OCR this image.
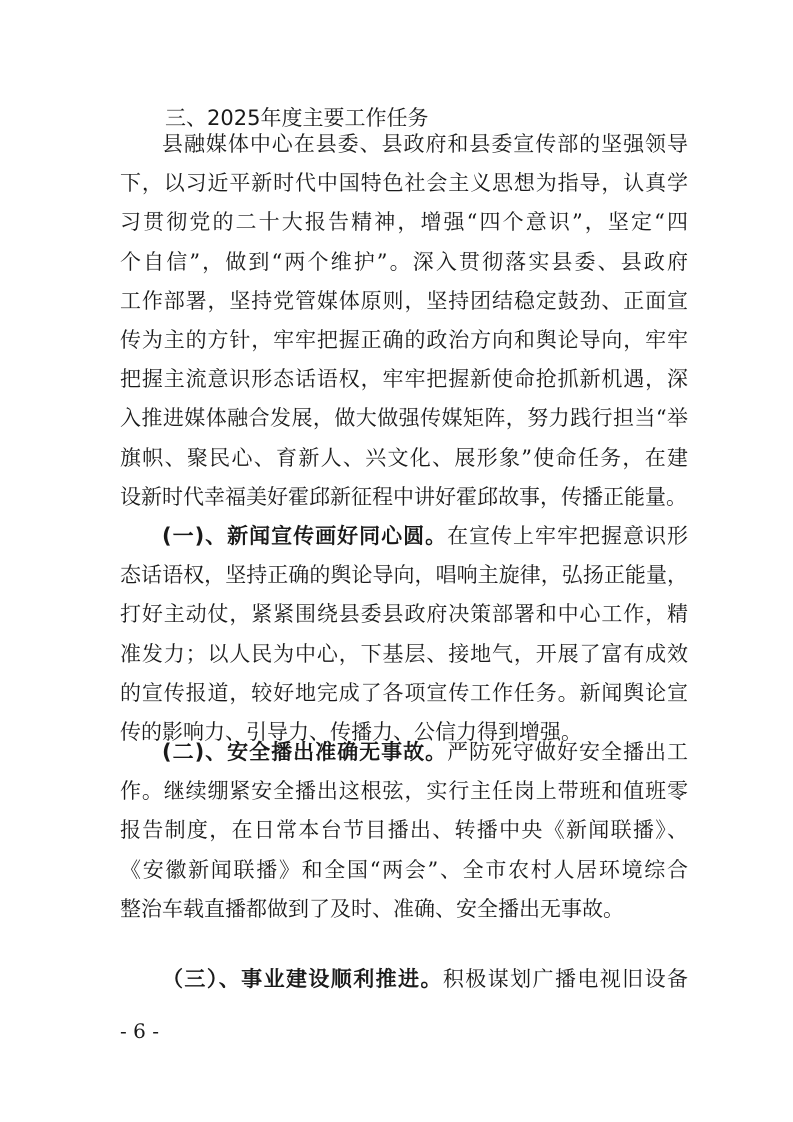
三、2025年度主要工作任务
县融媒体中心在县委、县政府和县委宣传部的坚强领导
下，以习近平新时代中国特色社会主义思想为指导，认真学
习贯彻党的二十大报告精神，增强“四个意识”，坚定“四
个自信”，做到“两个维护”。深入贯彻落实县委、县政府
工作部署，坚持党管媒体原则，坚持团结稳定鼓劲、正面宣
传为主的方针，牢牢把握正确的政治方向和舆论导向，牢牢
把握主流意识形态话语权，牢牢把握新使命抢抓新机遇，深
入推进媒体融合发展，做大做强传媒矩阵，努力践行担当“举
旗帜、聚民心、育新人、兴文化、展形象”使命任务，在建
设新时代幸福美好霍邱新征程中讲好霍邱故事，传播正能量。
(一)、新闻宣传画好同心圆。在宣传上牢牢把握意识形
态话语权，坚持正确的舆论导向，唱响主旋律，弘扬正能量，
打好主动仗，紧紧围绕县委县政府决策部署和中心工作，精
准发力；以人民为中心，下基层、接地气，开展了富有成效
的宣传报道，较好地完成了各项宣传工作任务。新闻舆论宣
传的影响力、引导力、传播力、公信力得到增强。
(二)、安全播出准确无事故。严防死守做好安全播出工
作。继续绷紧安全播出这根弦，实行主任岗上带班和值班零
报告制度，在日常本台节目播出、转播中央《新闻联播》、
《安徽新闻联播》和全国“两会”、全市农村人居环境综合
整治车载直播都做到了及时、准确、安全播出无事故。
（三）、事业建设顺利推进。积极谋划广播电视旧设备
- 6 -
